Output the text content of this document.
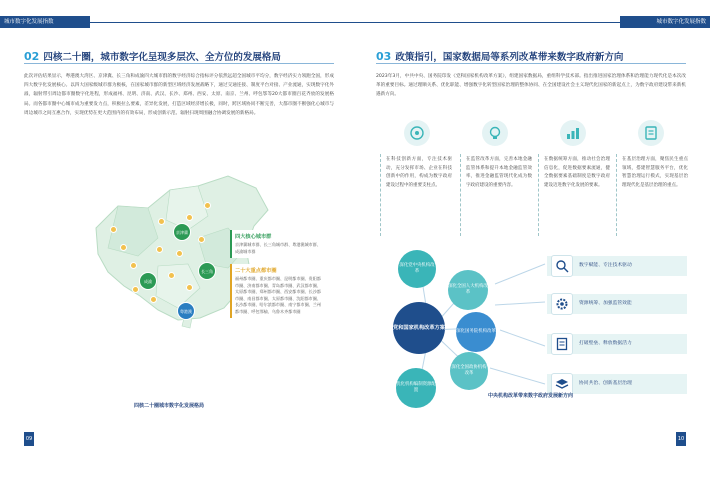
城市数字化发展指数	城市数字化发展指数
02 四核二十圈，城市数字化呈现多层次、全方位的发展格局
此次评估结果显示，粤港澳大湾区、京津冀、长三角和成渝四大城市群的数字经济综合指标评分依然远超全国城市平均分，数字经济实力领跑全国，形成四大数字化发展核心。以四大国家级城市群为极核，在国家城市群的新型区域经济发展战略下，通过交通连接、制度平台对接、产业流通，实现数字化外溢，辐射带引周边都市圈数字化进程，形成福州、昆明、济南、武汉、长沙、郑州、西安、太原、南京、兰州、呼包鄂等20大都市圈百花齐放的发展格局。而各都市圈中心城市成为重要发力点，积极拉么要素，差异化发展，打造区域经济增长极，同时，跨区域协同不断完善，大都市圈不断强化心城市与周边城市之间互惠合作，实现优势在更大范围内的有效布局，形成创新示范、辐射扫现周围融合协调发展的新格局。
京津冀
长三角
成渝
粤港澳
四大核心城市群
京津冀城市群、长三角城市群、粤港澳城市群、成渝城市群
二十大重点都市圈
福州都市圈、重庆都市圈、昆明都市圈、贵阳都市圈、济南都市圈、青岛都市圈、武汉都市圈、太原都市圈、郑州都市圈、西安都市圈、长沙都市圈、南昌都市圈、太原都市圈、沈阳都市圈、长沙都市圈、哈尔滨都市圈、南宁都市圈、兰州都市圈、呼包鄂榆、乌鲁木齐都市圈
四核二十圈城市数字化发展格局
09
03 政策指引，国家数据局等系列改革带来数字政府新方向
2023年3月，中共中央、国务院印发《党和国家机构改革方案》，组建国家数据局，重组科学技术部。指出推进国家治理体系和治理能力现代化是本次改革的重要目标。通过理顺关系、优化职能、增强数字化转型国家治理的整体协同、在全国建设社会主义现代化国家的新起点上，为数字政府建设带来新机遇新方向。
在科技创新方面，专注技术驱动，充分发挥市场、企业在科技创新中的作用，构成为数字政府建设过程中的重要支柱点。
在监管改革方面，完善本地金融监管体系和提升本地金融监管效率，推进金融监管现代化成为数字政府建设的重要内容。
在数据统筹方面，推动社会治理信息化，促进数据要素流通，健全数据要素基础制度是数字政府建设迈进数字化发展的要素。
在基层治理方面，聚焦民生重点领域，搭建智慧服务平台，优化智慧治理运行模式，实现基层治理现代化是基层治理的重点。
深化党中央机构改革
深化全国人大机构改革
党和国家机构改革方案
深化国务院机构改革
深化全国政协机构改革
优化机构编制资源配置
数字赋能、专注技术驱动
资源统筹、加强监管效能
打破壁垒、释放数据活力
协同共治、创新基层治理
中央机构改革带来数字政府发展新方向
10
